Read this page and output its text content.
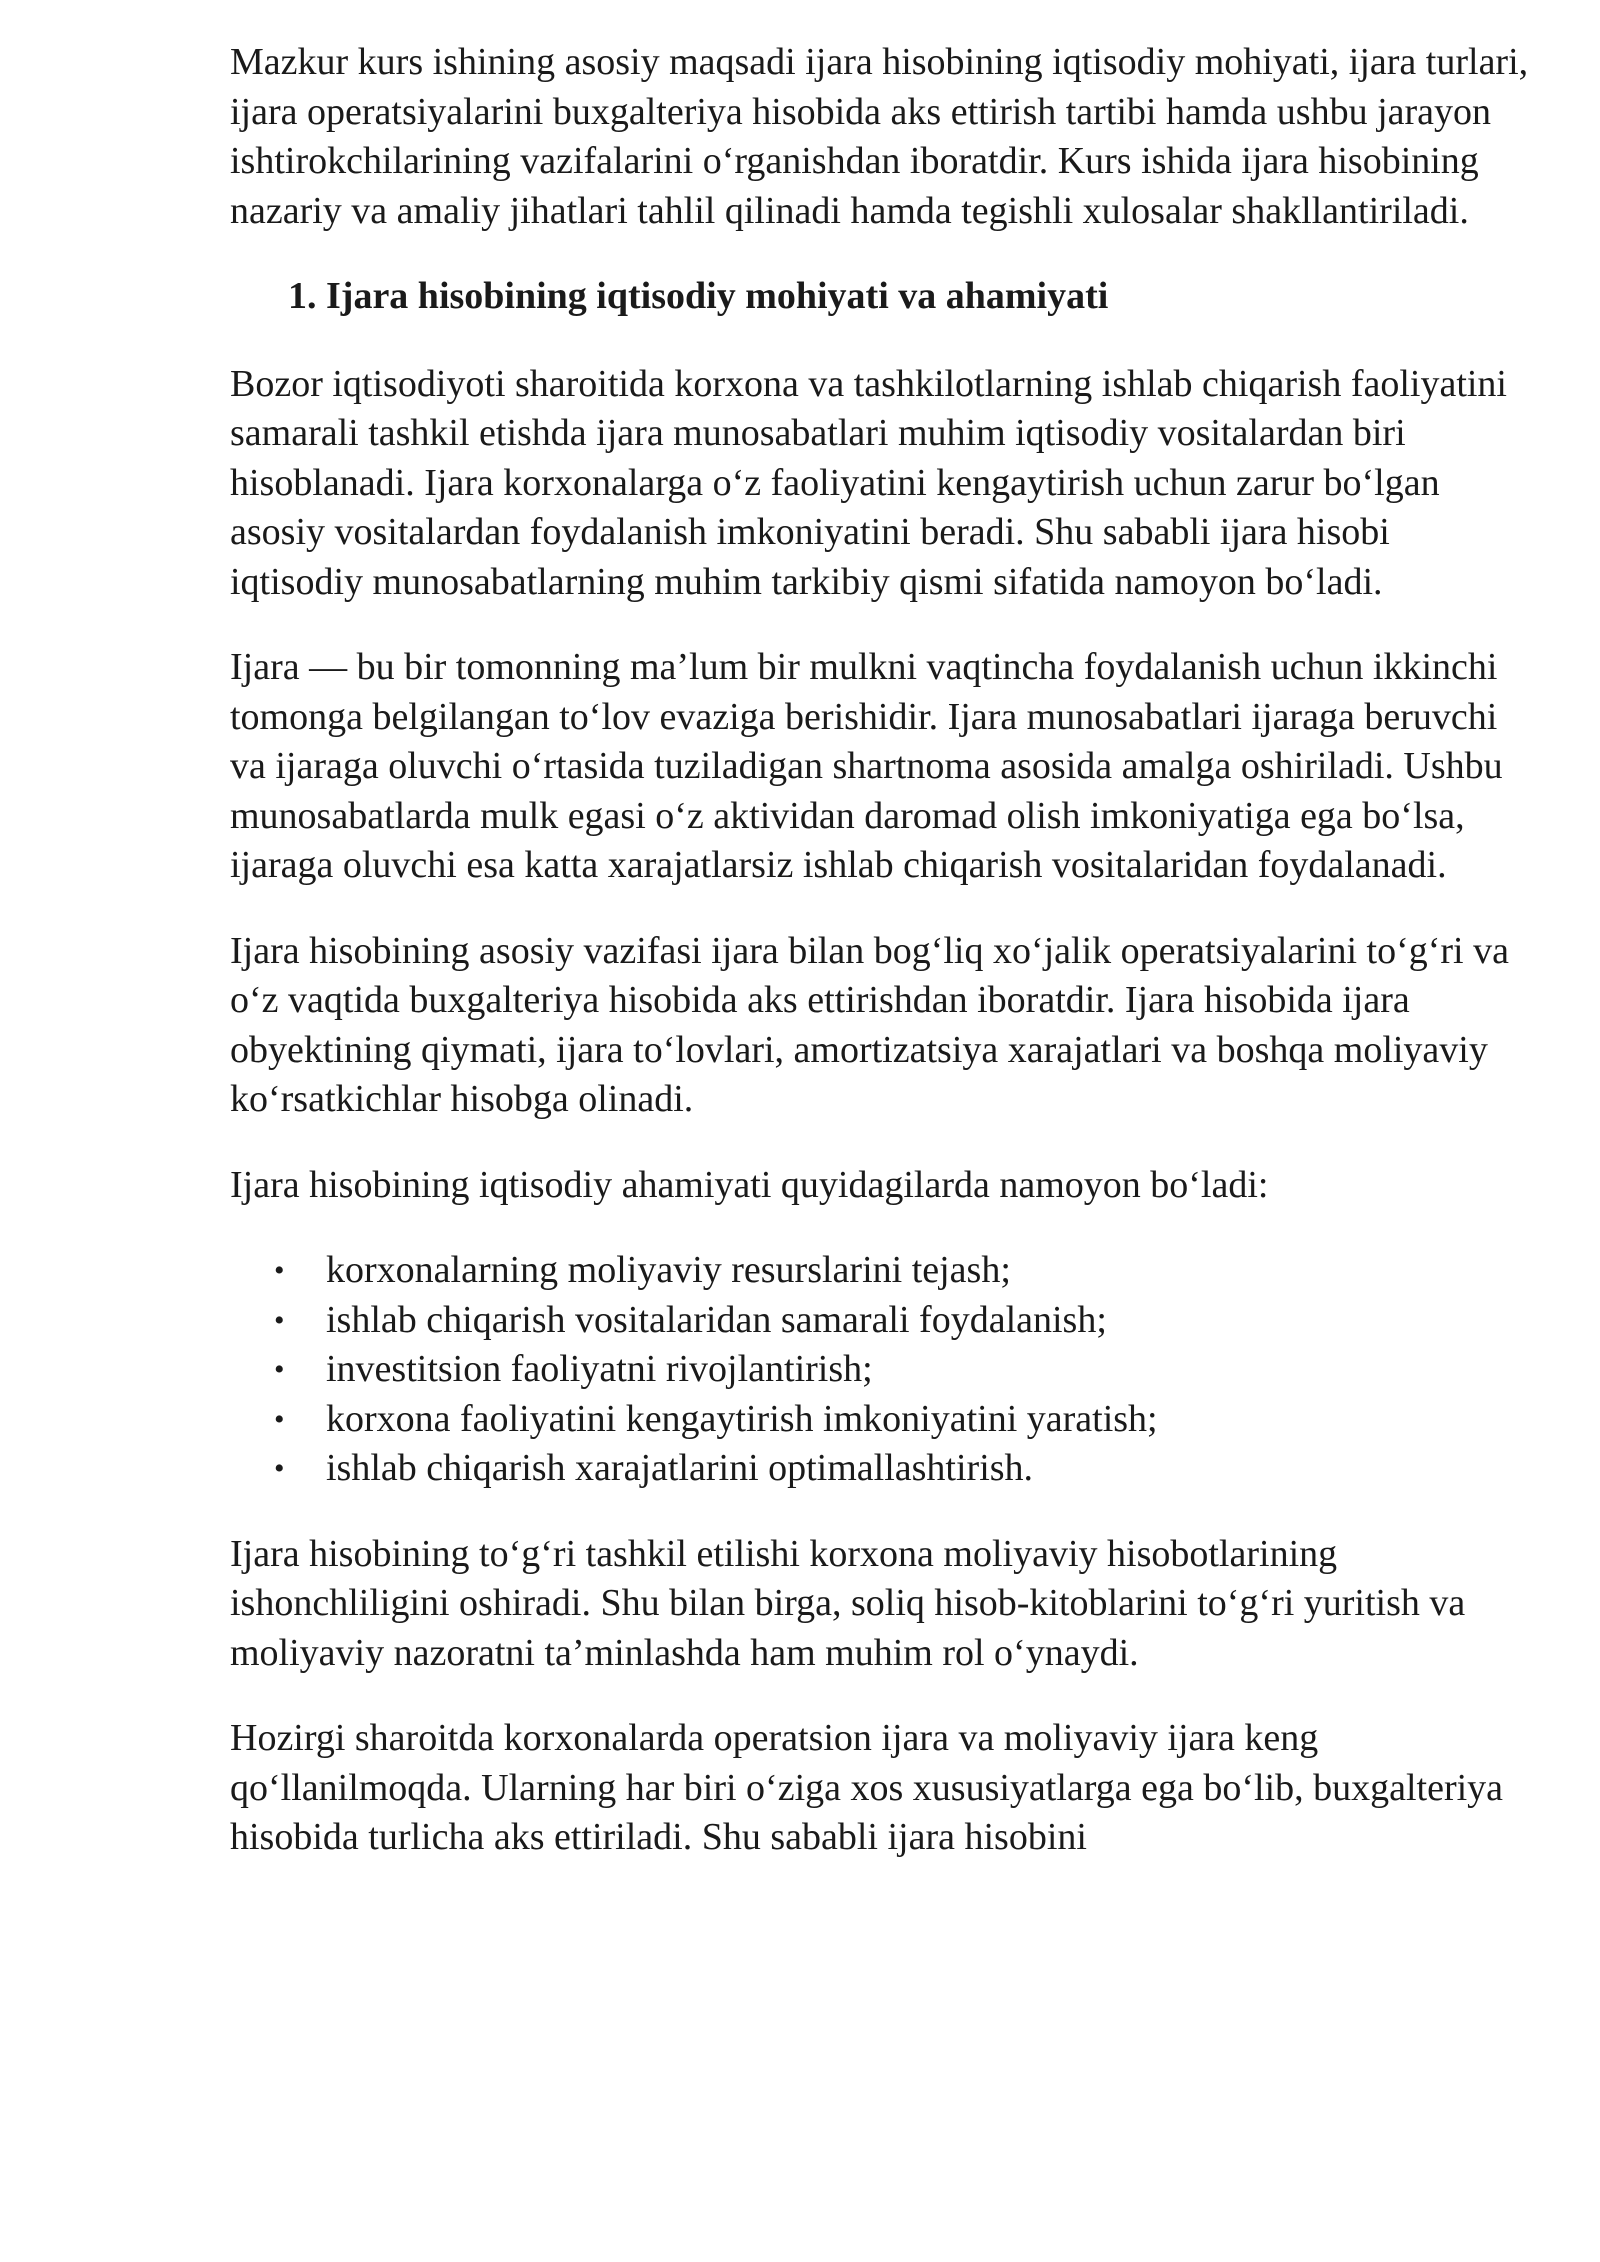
Mazkur kurs ishining asosiy maqsadi ijara hisobining iqtisodiy mohiyati, ijara turlari, ijara operatsiyalarini buxgalteriya hisobida aks ettirish tartibi hamda ushbu jarayon ishtirokchilarining vazifalarini o‘rganishdan iboratdir. Kurs ishida ijara hisobining nazariy va amaliy jihatlari tahlil qilinadi hamda tegishli xulosalar shakllantiriladi.

1. Ijara hisobining iqtisodiy mohiyati va ahamiyati

Bozor iqtisodiyoti sharoitida korxona va tashkilotlarning ishlab chiqarish faoliyatini samarali tashkil etishda ijara munosabatlari muhim iqtisodiy vositalardan biri hisoblanadi. Ijara korxonalarga o‘z faoliyatini kengaytirish uchun zarur bo‘lgan asosiy vositalardan foydalanish imkoniyatini beradi. Shu sababli ijara hisobi iqtisodiy munosabatlarning muhim tarkibiy qismi sifatida namoyon bo‘ladi.

Ijara — bu bir tomonning ma’lum bir mulkni vaqtincha foydalanish uchun ikkinchi tomonga belgilangan to‘lov evaziga berishidir. Ijara munosabatlari ijaraga beruvchi va ijaraga oluvchi o‘rtasida tuziladigan shartnoma asosida amalga oshiriladi. Ushbu munosabatlarda mulk egasi o‘z aktividan daromad olish imkoniyatiga ega bo‘lsa, ijaraga oluvchi esa katta xarajatlarsiz ishlab chiqarish vositalaridan foydalanadi.

Ijara hisobining asosiy vazifasi ijara bilan bog‘liq xo‘jalik operatsiyalarini to‘g‘ri va o‘z vaqtida buxgalteriya hisobida aks ettirishdan iboratdir. Ijara hisobida ijara obyektining qiymati, ijara to‘lovlari, amortizatsiya xarajatlari va boshqa moliyaviy ko‘rsatkichlar hisobga olinadi.

Ijara hisobining iqtisodiy ahamiyati quyidagilarda namoyon bo‘ladi:

• korxonalarning moliyaviy resurslarini tejash;
• ishlab chiqarish vositalaridan samarali foydalanish;
• investitsion faoliyatni rivojlantirish;
• korxona faoliyatini kengaytirish imkoniyatini yaratish;
• ishlab chiqarish xarajatlarini optimallashtirish.

Ijara hisobining to‘g‘ri tashkil etilishi korxona moliyaviy hisobotlarining ishonchliligini oshiradi. Shu bilan birga, soliq hisob-kitoblarini to‘g‘ri yuritish va moliyaviy nazoratni ta’minlashda ham muhim rol o‘ynaydi.

Hozirgi sharoitda korxonalarda operatsion ijara va moliyaviy ijara keng qo‘llanilmoqda. Ularning har biri o‘ziga xos xususiyatlarga ega bo‘lib, buxgalteriya hisobida turlicha aks ettiriladi. Shu sababli ijara hisobini
